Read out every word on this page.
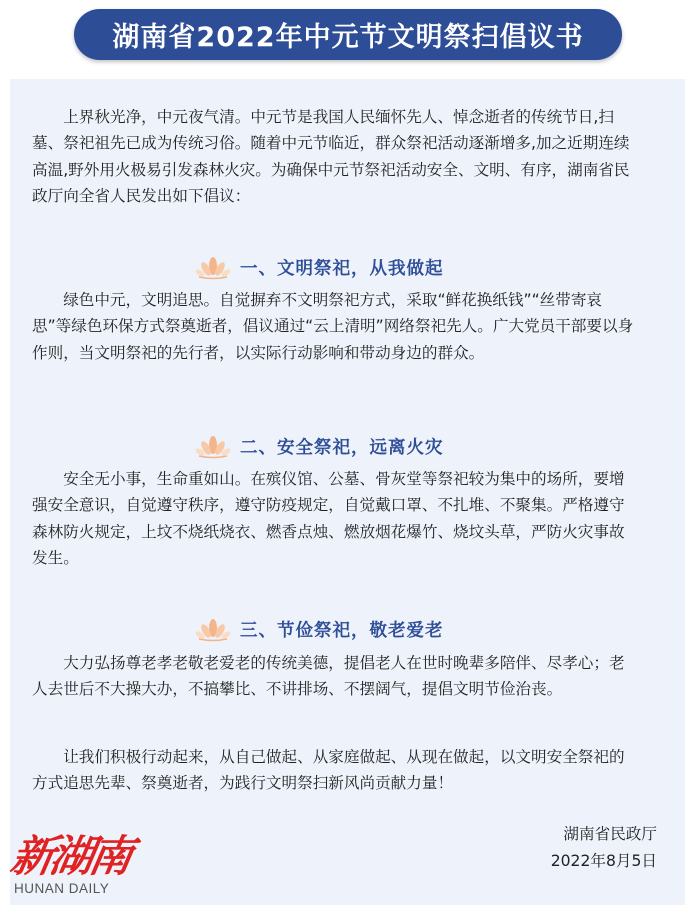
湖南省2022年中元节文明祭扫倡议书

上界秋光净，中元夜气清。中元节是我国人民缅怀先人、悼念逝者的传统节日,扫墓、祭祀祖先已成为传统习俗。随着中元节临近，群众祭祀活动逐渐增多,加之近期连续高温,野外用火极易引发森林火灾。为确保中元节祭祀活动安全、文明、有序，湖南省民政厅向全省人民发出如下倡议：

一、文明祭祀，从我做起

绿色中元，文明追思。自觉摒弃不文明祭祀方式，采取“鲜花换纸钱”“丝带寄哀思”等绿色环保方式祭奠逝者，倡议通过“云上清明”网络祭祀先人。广大党员干部要以身作则，当文明祭祀的先行者，以实际行动影响和带动身边的群众。

二、安全祭祀，远离火灾

安全无小事，生命重如山。在殡仪馆、公墓、骨灰堂等祭祀较为集中的场所，要增强安全意识，自觉遵守秩序，遵守防疫规定，自觉戴口罩、不扎堆、不聚集。严格遵守森林防火规定，上坟不烧纸烧衣、燃香点烛、燃放烟花爆竹、烧坟头草，严防火灾事故发生。

三、节俭祭祀，敬老爱老

大力弘扬尊老孝老敬老爱老的传统美德，提倡老人在世时晚辈多陪伴、尽孝心；老人去世后不大操大办，不搞攀比、不讲排场、不摆阔气，提倡文明节俭治丧。

让我们积极行动起来，从自己做起、从家庭做起、从现在做起，以文明安全祭祀的方式追思先辈、祭奠逝者，为践行文明祭扫新风尚贡献力量！

湖南省民政厅
2022年8月5日
新湖南
HUNAN DAILY
